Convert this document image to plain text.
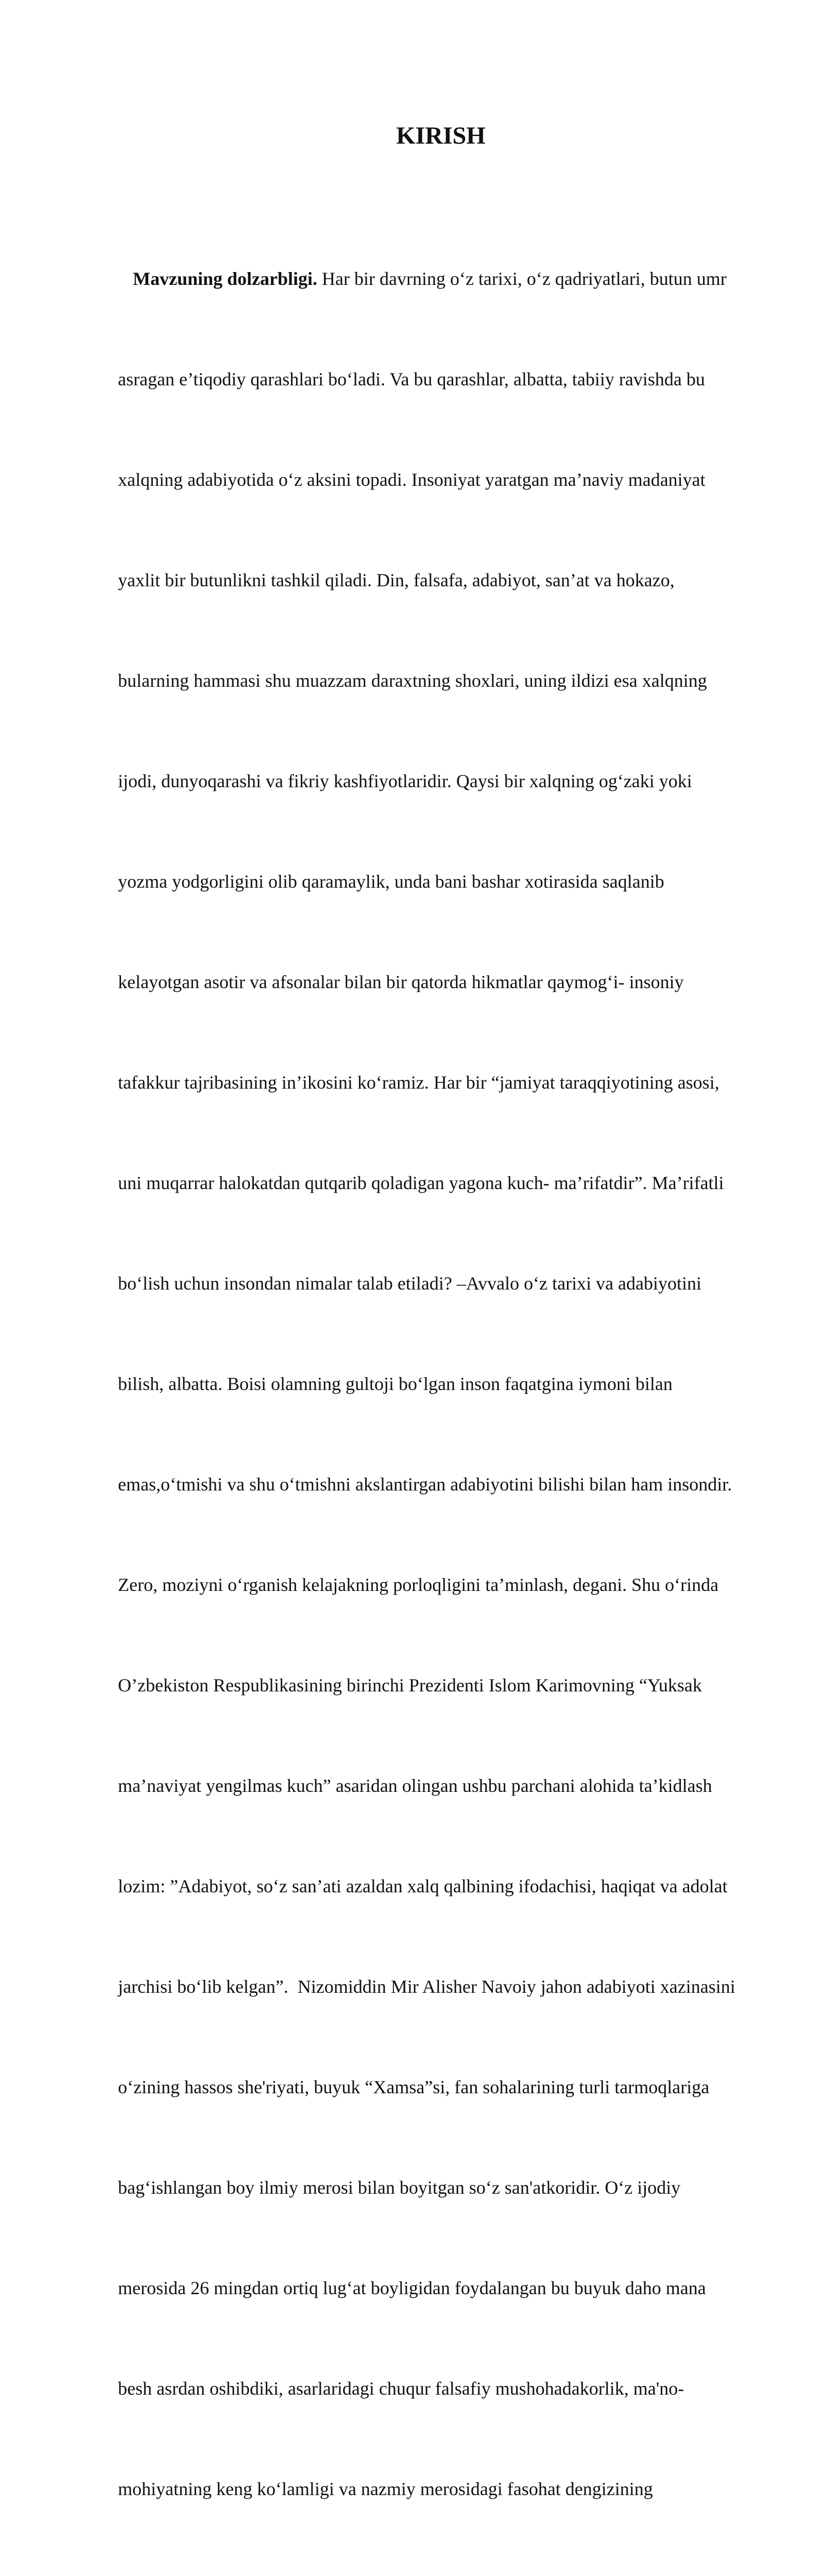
KIRISH

Mavzuning dolzarbligi. Har bir davrning o‘z tarixi, o‘z qadriyatlari, butun umr

asragan e’tiqodiy qarashlari bo‘ladi. Va bu qarashlar, albatta, tabiiy ravishda bu

xalqning adabiyotida o‘z aksini topadi. Insoniyat yaratgan ma’naviy madaniyat

yaxlit bir butunlikni tashkil qiladi. Din, falsafa, adabiyot, san’at va hokazo,

bularning hammasi shu muazzam daraxtning shoxlari, uning ildizi esa xalqning

ijodi, dunyoqarashi va fikriy kashfiyotlaridir. Qaysi bir xalqning og‘zaki yoki

yozma yodgorligini olib qaramaylik, unda bani bashar xotirasida saqlanib

kelayotgan asotir va afsonalar bilan bir qatorda hikmatlar qaymog‘i- insoniy

tafakkur tajribasining in’ikosini ko‘ramiz. Har bir “jamiyat taraqqiyotining asosi,

uni muqarrar halokatdan qutqarib qoladigan yagona kuch- ma’rifatdir”. Ma’rifatli

bo‘lish uchun insondan nimalar talab etiladi? –Avvalo o‘z tarixi va adabiyotini

bilish, albatta. Boisi olamning gultoji bo‘lgan inson faqatgina iymoni bilan

emas,o‘tmishi va shu o‘tmishni akslantirgan adabiyotini bilishi bilan ham insondir.

Zero, moziyni o‘rganish kelajakning porloqligini ta’minlash, degani. Shu o‘rinda

O’zbekiston Respublikasining birinchi Prezidenti Islom Karimovning “Yuksak

ma’naviyat yengilmas kuch” asaridan olingan ushbu parchani alohida ta’kidlash

lozim: ”Adabiyot, so‘z san’ati azaldan xalq qalbining ifodachisi, haqiqat va adolat

jarchisi bo‘lib kelgan”.  Nizomiddin Mir Alisher Navoiy jahon adabiyoti xazinasini

o‘zining hassos she'riyati, buyuk “Xamsa”si, fan sohalarining turli tarmoqlariga

bag‘ishlangan boy ilmiy merosi bilan boyitgan so‘z san'atkoridir. O‘z ijodiy

merosida 26 mingdan ortiq lug‘at boyligidan foydalangan bu buyuk daho mana

besh asrdan oshibdiki, asarlaridagi chuqur falsafiy mushohadakorlik, ma'no-

mohiyatning keng ko‘lamligi va nazmiy merosidagi fasohat dengizining
